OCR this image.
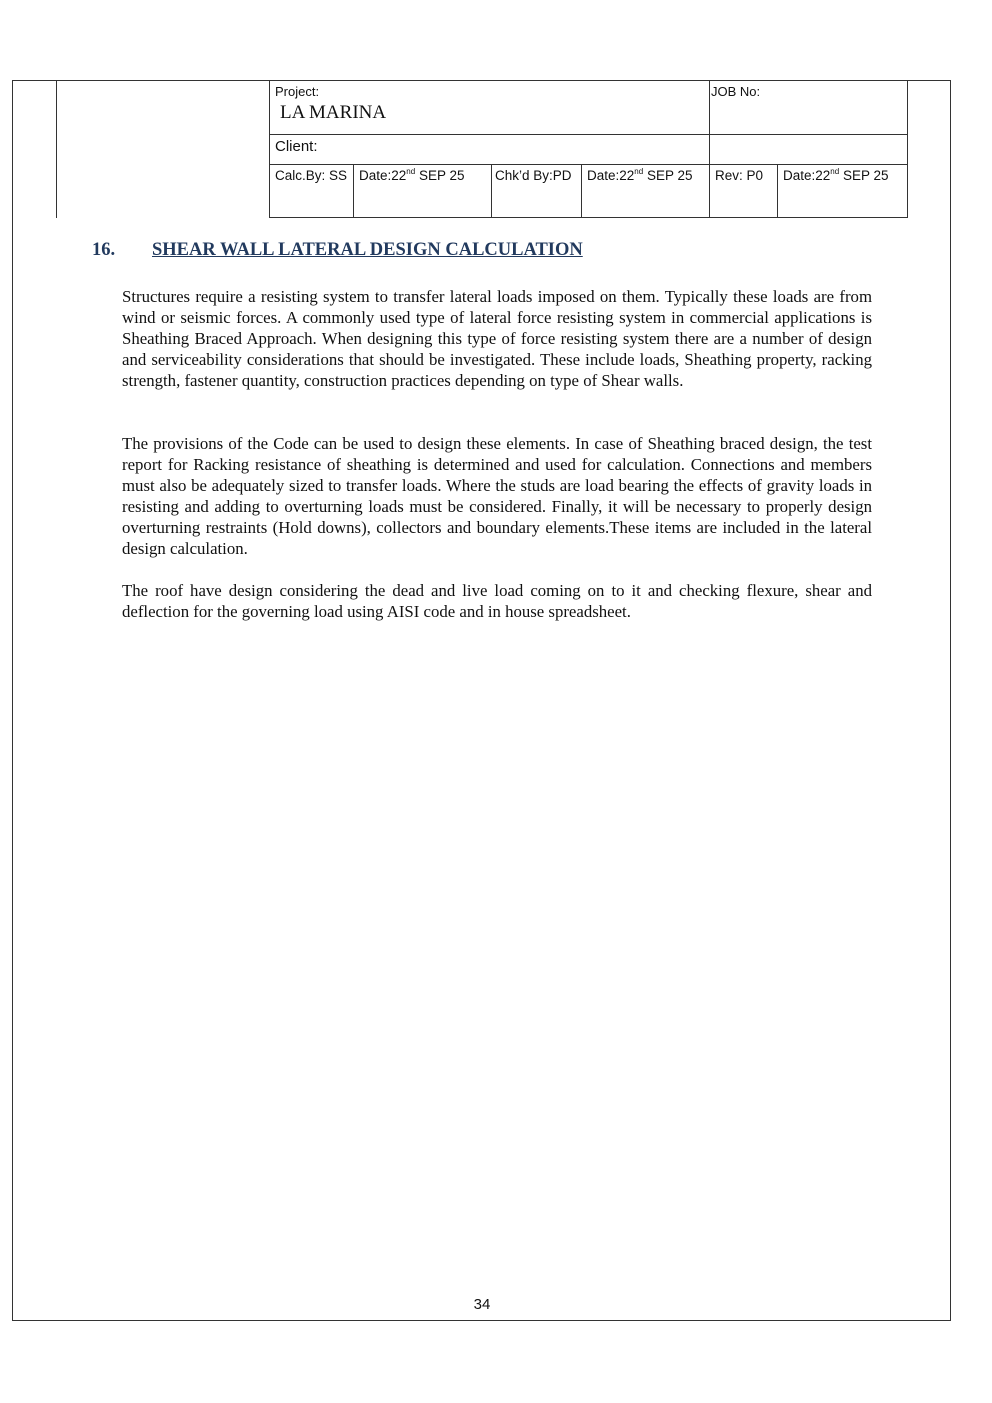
Project:
LA MARINA
JOB No:
Client:
Calc.By: SS Date:22nd SEP 25 Chk’d By:PD Date:22nd SEP 25 Rev: P0 Date:22nd SEP 25
16. SHEAR WALL LATERAL DESIGN CALCULATION

Structures require a resisting system to transfer lateral loads imposed on them. Typically these loads are from wind or seismic forces. A commonly used type of lateral force resisting system in commercial applications is Sheathing Braced Approach. When designing this type of force resisting system there are a number of design and serviceability considerations that should be investigated. These include loads, Sheathing property, racking strength, fastener quantity, construction practices depending on type of Shear walls.

The provisions of the Code can be used to design these elements. In case of Sheathing braced design, the test report for Racking resistance of sheathing is determined and used for calculation. Connections and members must also be adequately sized to transfer loads. Where the studs are load bearing the effects of gravity loads in resisting and adding to overturning loads must be considered. Finally, it will be necessary to properly design overturning restraints (Hold downs), collectors and boundary elements.These items are included in the lateral design calculation.

The roof have design considering the dead and live load coming on to it and checking flexure, shear and deflection for the governing load using AISI code and in house spreadsheet.

34
